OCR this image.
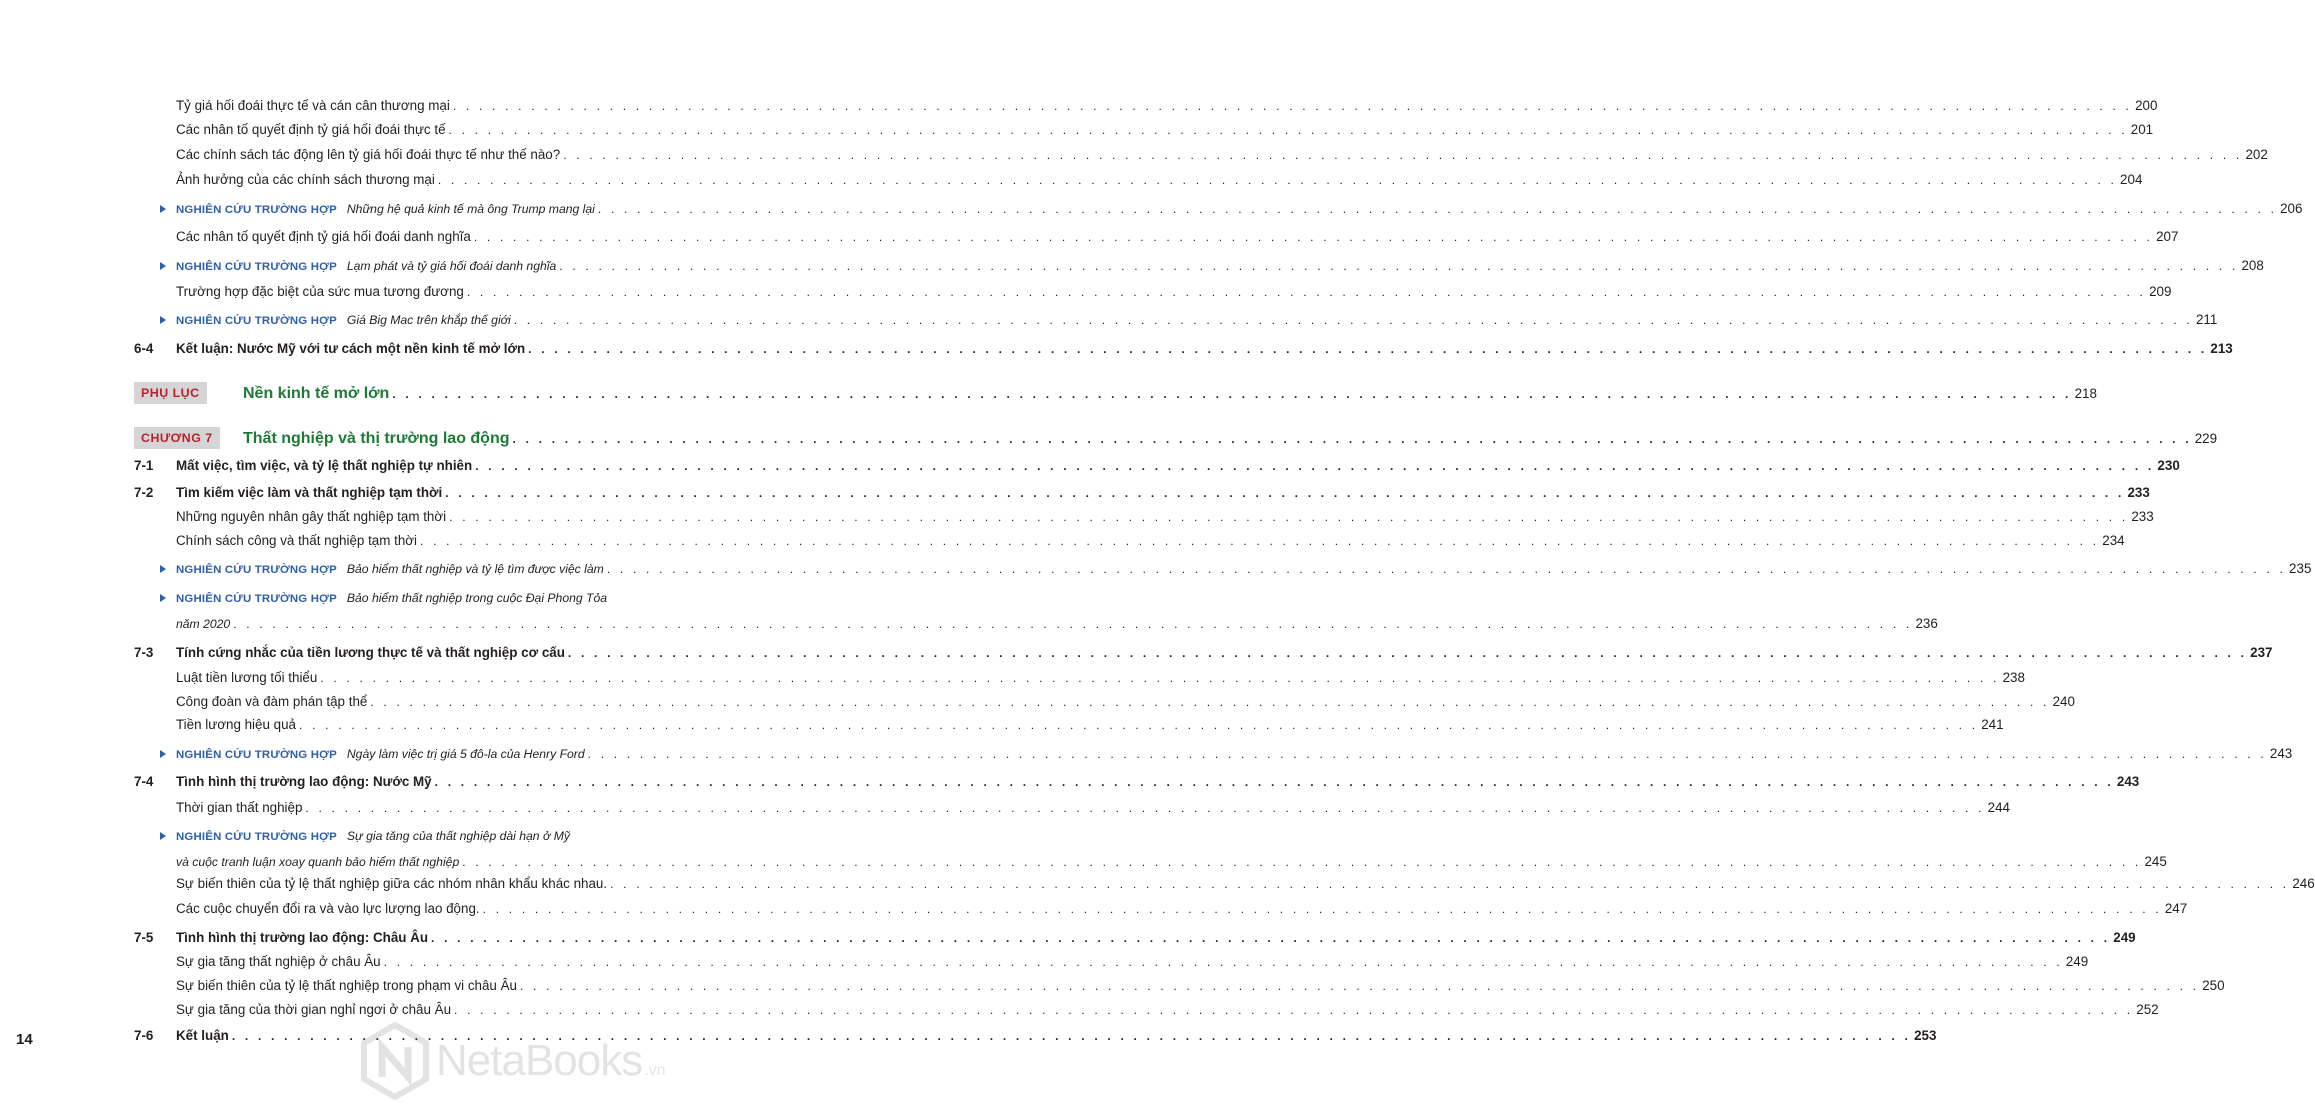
Tỷ giá hối đoái thực tế và cán cân thương mại . . .	200
Các nhân tố quyết định tỷ giá hối đoái thực tế . . .	201
Các chính sách tác động lên tỷ giá hối đoái thực tế như thế nào? . . .	202
Ảnh hưởng của các chính sách thương mại . . .	204
NGHIÊN CỨU TRƯỜNG HỢP Những hệ quả kinh tế mà ông Trump mang lại . . .	206
Các nhân tố quyết định tỷ giá hối đoái danh nghĩa . . .	207
NGHIÊN CỨU TRƯỜNG HỢP Lạm phát và tỷ giá hối đoái danh nghĩa . . .	208
Trường hợp đặc biệt của sức mua tương đương . . .	209
NGHIÊN CỨU TRƯỜNG HỢP Giá Big Mac trên khắp thế giới . . .	211
6-4 Kết luận: Nước Mỹ với tư cách một nền kinh tế mở lớn . . .	213
PHỤ LỤC	Nền kinh tế mở lớn . . .	218
CHƯƠNG 7	Thất nghiệp và thị trường lao động . . .	229
7-1 Mất việc, tìm việc, và tỷ lệ thất nghiệp tự nhiên . . .	230
7-2 Tìm kiếm việc làm và thất nghiệp tạm thời . . .	233
Những nguyên nhân gây thất nghiệp tạm thời . . .	233
Chính sách công và thất nghiệp tạm thời . . .	234
NGHIÊN CỨU TRƯỜNG HỢP Bảo hiểm thất nghiệp và tỷ lệ tìm được việc làm . . .	235
NGHIÊN CỨU TRƯỜNG HỢP Bảo hiểm thất nghiệp trong cuộc Đại Phong Tỏa
năm 2020 . . .	236
7-3 Tính cứng nhắc của tiền lương thực tế và thất nghiệp cơ cấu . . .	237
Luật tiền lương tối thiểu . . .	238
Công đoàn và đàm phán tập thể . . .	240
Tiền lương hiệu quả . . .	241
NGHIÊN CỨU TRƯỜNG HỢP Ngày làm việc trị giá 5 đô-la của Henry Ford . . .	243
7-4 Tình hình thị trường lao động: Nước Mỹ . . .	243
Thời gian thất nghiệp . . .	244
NGHIÊN CỨU TRƯỜNG HỢP Sự gia tăng của thất nghiệp dài hạn ở Mỹ
và cuộc tranh luận xoay quanh bảo hiểm thất nghiệp . . .	245
Sự biến thiên của tỷ lệ thất nghiệp giữa các nhóm nhân khẩu khác nhau. . . .	246
Các cuộc chuyển đổi ra và vào lực lượng lao động. . . .	247
7-5 Tình hình thị trường lao động: Châu Âu . . .	249
Sự gia tăng thất nghiệp ở châu Âu . . .	249
Sự biến thiên của tỷ lệ thất nghiệp trong phạm vi châu Âu . . .	250
Sự gia tăng của thời gian nghỉ ngơi ở châu Âu . . .	252
7-6 Kết luận . . .	253
14	NetaBooks .vn
